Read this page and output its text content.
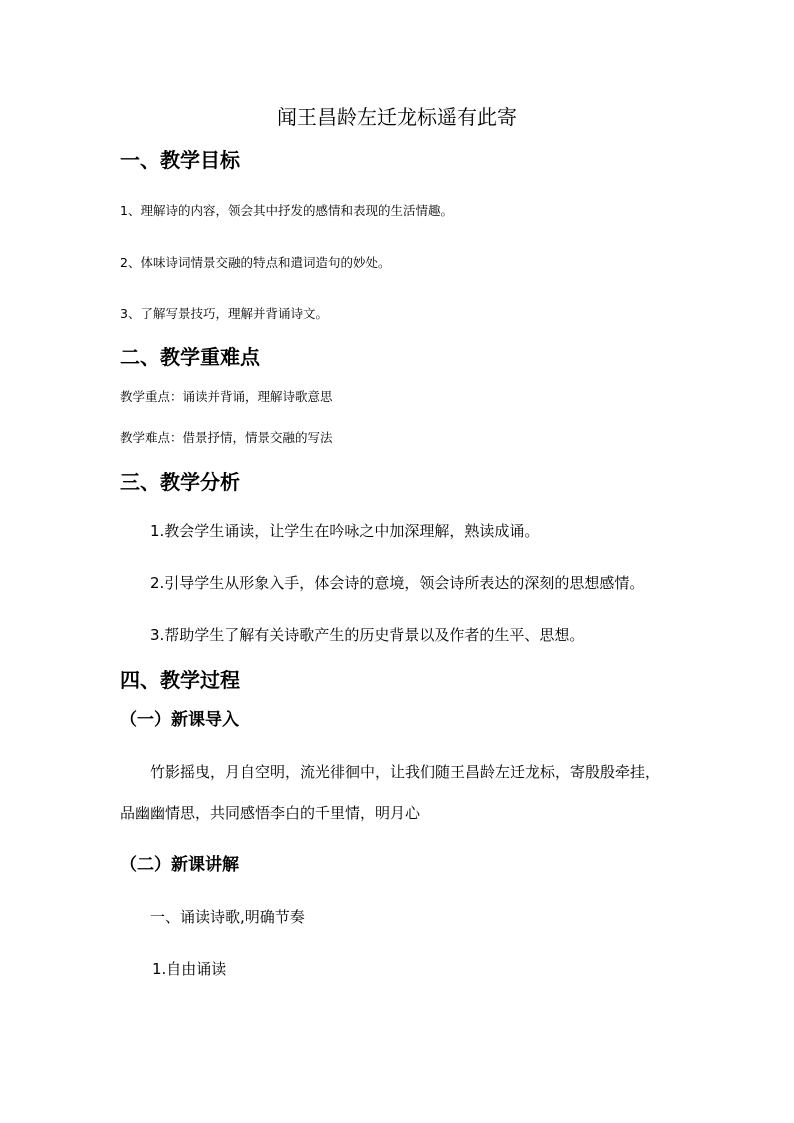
闻王昌龄左迁龙标遥有此寄
一、教学目标
1、理解诗的内容，领会其中抒发的感情和表现的生活情趣。
2、体味诗词情景交融的特点和遣词造句的妙处。
3、了解写景技巧，理解并背诵诗文。
二、教学重难点
教学重点：诵读并背诵，理解诗歌意思
教学难点：借景抒情，情景交融的写法
三、教学分析
1.教会学生诵读，让学生在吟咏之中加深理解，熟读成诵。
2.引导学生从形象入手，体会诗的意境，领会诗所表达的深刻的思想感情。
3.帮助学生了解有关诗歌产生的历史背景以及作者的生平、思想。
四、教学过程
（一）新课导入
竹影摇曳，月自空明，流光徘徊中，让我们随王昌龄左迁龙标，寄殷殷牵挂，
品幽幽情思，共同感悟李白的千里情，明月心
（二）新课讲解
一、诵读诗歌,明确节奏
1.自由诵读
